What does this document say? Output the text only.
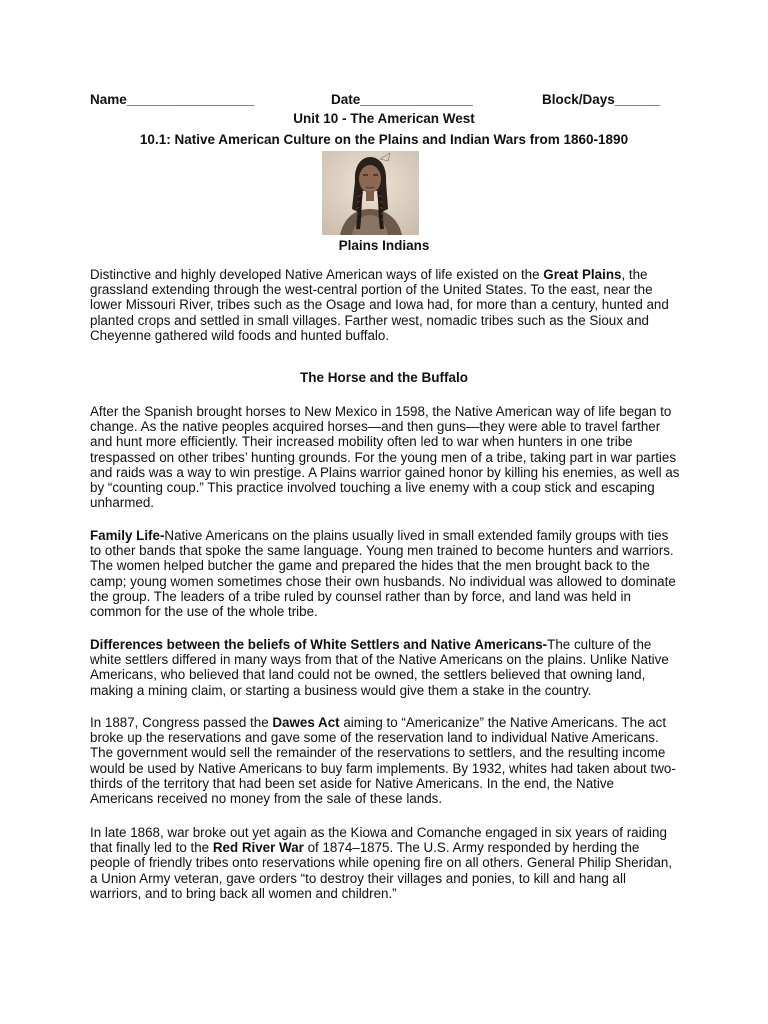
Name_________________	Date_______________	Block/Days______
Unit 10 - The American West
10.1: Native American Culture on the Plains and Indian Wars from 1860-1890
Plains Indians
Distinctive and highly developed Native American ways of life existed on the Great Plains, the grassland extending through the west-central portion of the United States. To the east, near the lower Missouri River, tribes such as the Osage and Iowa had, for more than a century, hunted and planted crops and settled in small villages. Farther west, nomadic tribes such as the Sioux and Cheyenne gathered wild foods and hunted buffalo.
The Horse and the Buffalo
After the Spanish brought horses to New Mexico in 1598, the Native American way of life began to change. As the native peoples acquired horses—and then guns—they were able to travel farther and hunt more efficiently. Their increased mobility often led to war when hunters in one tribe trespassed on other tribes’ hunting grounds. For the young men of a tribe, taking part in war parties and raids was a way to win prestige. A Plains warrior gained honor by killing his enemies, as well as by “counting coup.” This practice involved touching a live enemy with a coup stick and escaping unharmed.
Family Life-Native Americans on the plains usually lived in small extended family groups with ties to other bands that spoke the same language. Young men trained to become hunters and warriors. The women helped butcher the game and prepared the hides that the men brought back to the camp; young women sometimes chose their own husbands. No individual was allowed to dominate the group. The leaders of a tribe ruled by counsel rather than by force, and land was held in common for the use of the whole tribe.
Differences between the beliefs of White Settlers and Native Americans-The culture of the white settlers differed in many ways from that of the Native Americans on the plains. Unlike Native Americans, who believed that land could not be owned, the settlers believed that owning land, making a mining claim, or starting a business would give them a stake in the country.
In 1887, Congress passed the Dawes Act aiming to “Americanize” the Native Americans. The act broke up the reservations and gave some of the reservation land to individual Native Americans. The government would sell the remainder of the reservations to settlers, and the resulting income would be used by Native Americans to buy farm implements. By 1932, whites had taken about two-thirds of the territory that had been set aside for Native Americans. In the end, the Native Americans received no money from the sale of these lands.
In late 1868, war broke out yet again as the Kiowa and Comanche engaged in six years of raiding that finally led to the Red River War of 1874–1875. The U.S. Army responded by herding the people of friendly tribes onto reservations while opening fire on all others. General Philip Sheridan, a Union Army veteran, gave orders “to destroy their villages and ponies, to kill and hang all warriors, and to bring back all women and children.”
